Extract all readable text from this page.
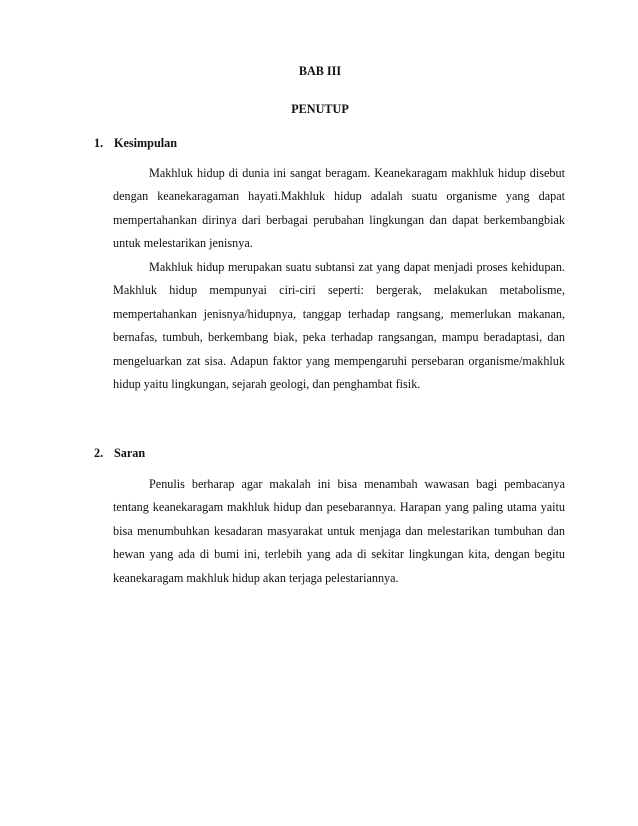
BAB III
PENUTUP
1. Kesimpulan

Makhluk hidup di dunia ini sangat beragam. Keanekaragam makhluk hidup disebut dengan keanekaragaman hayati.Makhluk hidup adalah suatu organisme yang dapat mempertahankan dirinya dari berbagai perubahan lingkungan dan dapat berkembangbiak untuk melestarikan jenisnya.

Makhluk hidup merupakan suatu subtansi zat yang dapat menjadi proses kehidupan. Makhluk hidup mempunyai ciri-ciri seperti: bergerak, melakukan metabolisme, mempertahankan jenisnya/hidupnya, tanggap terhadap rangsang, memerlukan makanan, bernafas, tumbuh, berkembang biak, peka terhadap rangsangan, mampu beradaptasi, dan mengeluarkan zat sisa. Adapun faktor yang mempengaruhi persebaran organisme/makhluk hidup yaitu lingkungan, sejarah geologi, dan penghambat fisik.

2. Saran

Penulis berharap agar makalah ini bisa menambah wawasan bagi pembacanya tentang keanekaragam makhluk hidup dan pesebarannya. Harapan yang paling utama yaitu bisa menumbuhkan kesadaran masyarakat untuk menjaga dan melestarikan tumbuhan dan hewan yang ada di bumi ini, terlebih yang ada di sekitar lingkungan kita, dengan begitu keanekaragam makhluk hidup akan terjaga pelestariannya.
